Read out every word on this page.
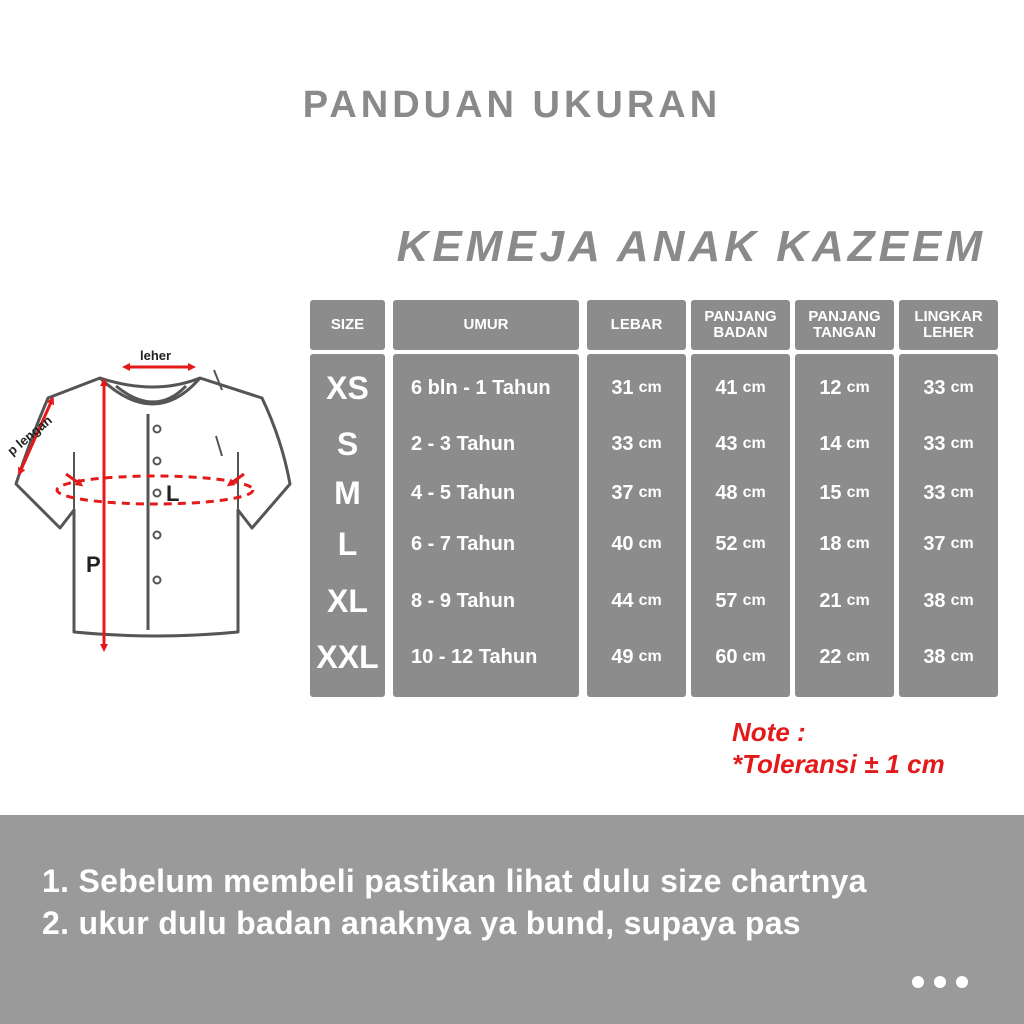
PANDUAN UKURAN
KEMEJA ANAK KAZEEM
leher
p lengan
L
P
SIZE
XS
S
M
L
XL
XXL
UMUR
6 bln - 1 Tahun
2 - 3 Tahun
4 - 5 Tahun
6 - 7 Tahun
8 - 9 Tahun
10 - 12 Tahun
LEBAR
31 cm
33 cm
37 cm
40 cm
44 cm
49 cm
PANJANG
BADAN
41 cm
43 cm
48 cm
52 cm
57 cm
60 cm
PANJANG
TANGAN
12 cm
14 cm
15 cm
18 cm
21 cm
22 cm
LINGKAR
LEHER
33 cm
33 cm
33 cm
37 cm
38 cm
38 cm
Note :
*Toleransi ± 1 cm
1. Sebelum membeli pastikan lihat dulu size chartnya
2. ukur dulu badan anaknya ya bund, supaya pas
